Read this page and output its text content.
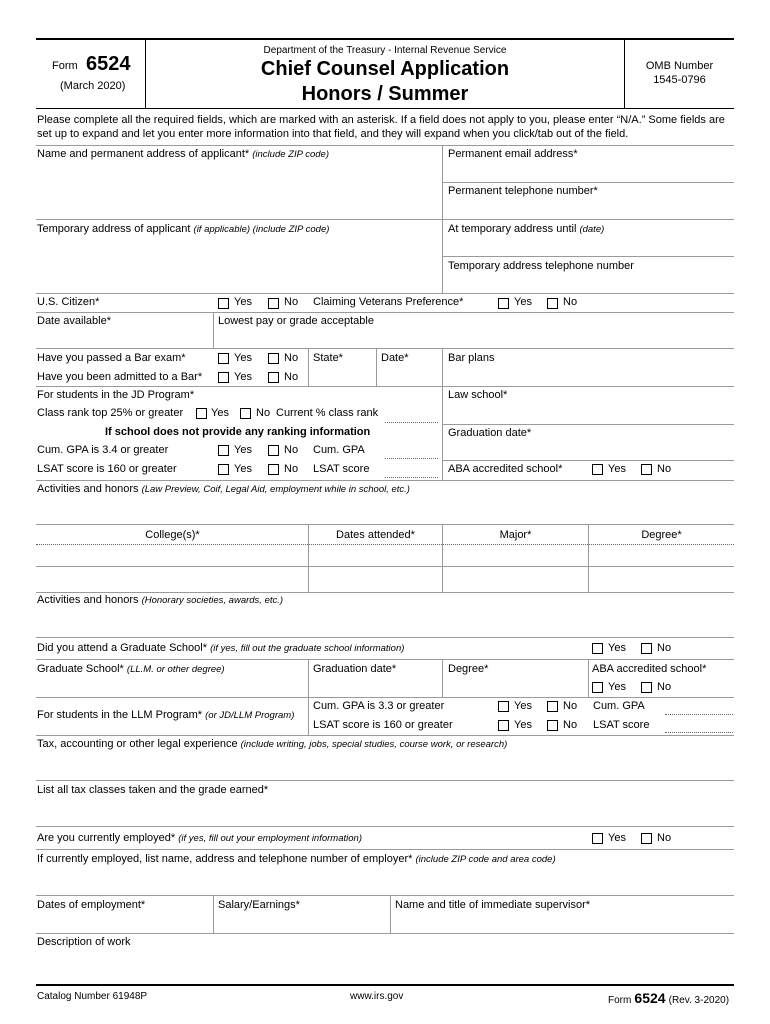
Form 6524
(March 2020)
Department of the Treasury - Internal Revenue Service
Chief Counsel Application
Honors / Summer
OMB Number
1545-0796
Please complete all the required fields, which are marked with an asterisk. If a field does not apply to you, please enter “N/A.” Some fields are set up to expand and let you enter more information into that field, and they will expand when you click/tab out of the field.
Name and permanent address of applicant* (include ZIP code)	Permanent email address*
Permanent telephone number*
Temporary address of applicant (if applicable) (include ZIP code)	At temporary address until (date)
Temporary address telephone number
U.S. Citizen*	Yes	No Claiming Veterans Preference*	Yes	No
Date available*	Lowest pay or grade acceptable
Have you passed a Bar exam*	Yes	No State*	Date*	Bar plans
Have you been admitted to a Bar*	Yes	No
For students in the JD Program*	Law school*
Class rank top 25% or greater	Yes No Current % class rank
If school does not provide any ranking information	Graduation date*
Cum. GPA is 3.4 or greater	Yes	No Cum. GPA
LSAT score is 160 or greater	Yes	No LSAT score	ABA accredited school*	Yes	No
Activities and honors (Law Preview, Coif, Legal Aid, employment while in school, etc.)
College(s)*	Dates attended*	Major*	Degree*
Activities and honors (Honorary societies, awards, etc.)
Did you attend a Graduate School* (if yes, fill out the graduate school information)	Yes	No
Graduate School* (LL.M. or other degree)	Graduation date*	Degree*	ABA accredited school*
Yes	No
For students in the LLM Program* (or JD/LLM Program)
Cum. GPA is 3.3 or greater	Yes	No Cum. GPA
LSAT score is 160 or greater	Yes	No LSAT score
Tax, accounting or other legal experience (include writing, jobs, special studies, course work, or research)
List all tax classes taken and the grade earned*
Are you currently employed* (if yes, fill out your employment information)	Yes	No
If currently employed, list name, address and telephone number of employer* (include ZIP code and area code)
Dates of employment*	Salary/Earnings*	Name and title of immediate supervisor*
Description of work
Catalog Number 61948P	www.irs.gov	Form 6524 (Rev. 3-2020)
